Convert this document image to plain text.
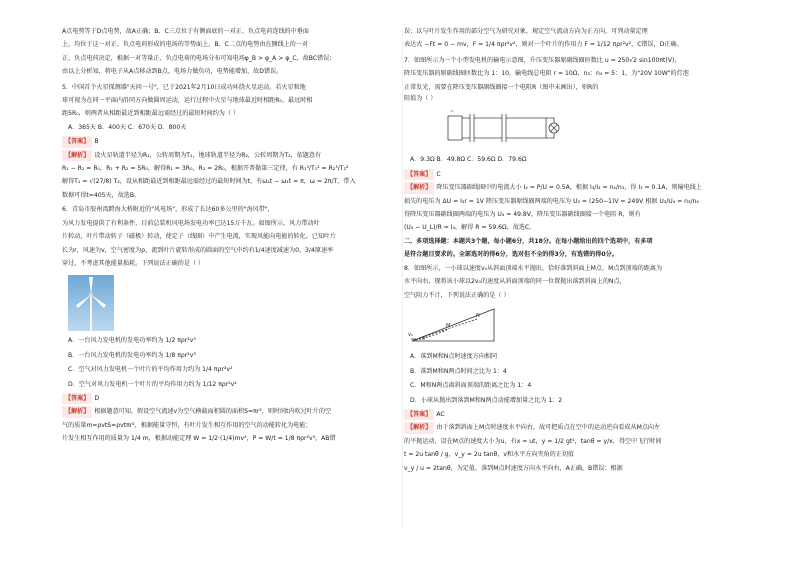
A点电势等于D点电势，故A正确；B、C三点位于有侧面底的一对正、负点电荷连线的中垂面

上，均位于这一对正、负点电荷形成的电场的等势面上，B、C二点的电势由在侧线上的一对

正、负点电荷决定，根据一对等量正、负点电荷的电场分布可知电场φ_B > φ_A > φ_C，故BC错误；

由以上分析知，将电子从A点移动到B点，电场力做负功，电势能增加，故D错误。

5．中国首个火星探测器"天问一号"，已于2021年2月10日成功环绕火星运动。若火星和地

球可视为在同一平面内沿同方向做圆周运动，运行过程中火星与地球最近时相距R₀，最远时相

距5R₀，则两者从相距最近到相距最远需经过的最短时间约为（ ）

A．365天 B．400天 C．670天 D．800天

【答案】 B

【解析】 设火星轨道半径为R₁，公转周期为T₁，地球轨道半径为R₂，公转周期为T₂，依题意有

R₁ − R₂ = R₀，R₁ + R₂ = 5R₀，解得R₁ = 3R₀，R₂ = 2R₀，根据开普勒第三定律，有 R₁³/T₁² = R₂³/T₂²

解得T₁ = √(27/8) T₂，设从相距最近到相距最远需经过的最短时间为t，有ω₂t − ω₁t = π，ω = 2π/T，带入

数据可得t≈405天，故选B。

6．青岛市胶州湾跨海大桥附近的"风电场"，形成了长达60多公里的"海风带"，

为风力发电提供了有利条件，目前总装机风电场发电功率已达15万千瓦。如图所示，风力带动叶

片转动，叶片带动转子（磁极）转动，使定子（线圈）中产生电流，实现风能向电能的转化。已知叶片

长为r，风速为v，空气密度为ρ，流到叶片旋转形成的圆面的空气中约有1/4速度减速为0，3/4原速率

穿过，不考虑其他能量损耗。下列说法正确的是（ ）

A．一台风力发电机的发电功率约为 1/2 πρr²v³

B．一台风力发电机的发电功率约为 1/8 πρr²v³

C．空气对风力发电机一个叶片的平均作用力约为 1/4 πρr²v²

D．空气对风力发电机一个叶片的平均作用力约为 1/12 πρr²v²

【答案】 D

【解析】 根据题意可知，假设空气流速v为空气横截面积圆的面积S=πr²，则时间t内吹过叶片的空

气的质量m=ρvtS=ρvtπr²，根据能量守恒，有叶片发生相互作用的空气的动能转化为电能；

片发生相互作用的质量为 1/4 m，根据动能定理 W = 1/2·(1/4)mv²，P = W/t = 1/8 πρr²v³，AB错

误；以与叶片发生作用的部分空气为研究对象，规定空气流动方向为正方向，可列动量定理

表达式 −Ft = 0 − mv，F = 1/4 πρr²v²，则对一个叶片的作用力 F = 1/12 πρr²v²，C错误，D正确。

7．如图所示为一个小型发电机的输电示意图，升压变压器原副线圈匝数比 u = 250√2 sin100πt(V)，

降压变压器的原副线圈匝数比为 1：10，输电线总电阻 r = 10Ω，n₃：n₄ = 5：1，为"20V 10W"的灯泡

正常发光，需要在降压变压器副线圈接一个电阻R（图中未画出），则R的阻值为（ ）

~

A．9.3Ω B．49.8Ω C．59.6Ω D．79.6Ω

【答案】 C

【解析】 降压变压器副线圈中的电流大小 I₄ = P/U = 0.5A，根据 I₃/I₄ = n₄/n₃，得 I₃ = 0.1A，则输电线上

损失的电压为 ΔU = I₃r = 1V 降压变压器原线圈两端的电压为 U₃ = (250−1)V = 249V 根据 U₃/U₄ = n₃/n₄

得降压变压器副线圈两端的电压为 U₄ = 49.8V，降压变压器副线圈接一个电阻 R，则有

(U₄ − U_L)/R = I₄，解得 R = 59.6Ω，故选C。

二、多项选择题：本题共3个题，每小题6分，共18分。在每小题给出的四个选项中，有多项

是符合题目要求的。全部选对的得6分，选对但不全的得3分，有选错的得0分。

8．如图所示，一小球以速度v₀从斜面顶端水平抛出，恰好落到斜面上M点，M点到顶端的距离为

水平向右，现将该小球以2v₀的速度从斜面顶端的同一位置抛出落到斜面上的N点，

空气阻力不计，下列说法正确的是（ ）

N
M
θ
v₀

A．落到M和N点时速度方向相同

B．落到M和N两点时间之比为 1：4

C．M和N两点离斜面顶端的距离之比为 1：4

D．小球从抛出到落到M和N两点动能增加量之比为 1：2

【答案】 AC

【解析】 由于落到斜面上M点时速度水平向右，故可把质点在空中的运动逆向看成从M点向左

的平抛运动，设在M点的速度大小为u，有x = ut，y = 1/2 gt²，tanθ = y/x，得空中飞行时间

t = 2u tanθ / g，v_y = 2u tanθ，v和水平方向夹角的正切值

v_y / u = 2tanθ，为定值，落到M点时速度方向水平向右，A正确，B错误；根据
